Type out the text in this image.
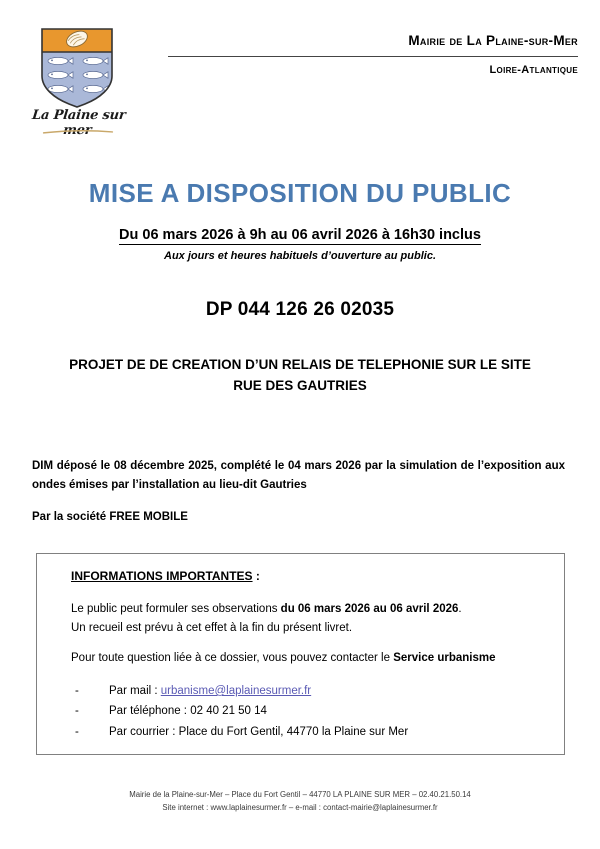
La Plaine sur mer
Mairie de La Plaine-sur-Mer
Loire-Atlantique
MISE A DISPOSITION DU PUBLIC
Du 06 mars 2026 à 9h au 06 avril 2026 à 16h30 inclus
Aux jours et heures habituels d’ouverture au public.
DP 044 126 26 02035
PROJET DE DE CREATION D’UN RELAIS DE TELEPHONIE SUR LE SITE
RUE DES GAUTRIES
DIM déposé le 08 décembre 2025, complété le 04 mars 2026 par la simulation de l’exposition aux ondes émises par l’installation au lieu-dit Gautries
Par la société FREE MOBILE
INFORMATIONS IMPORTANTES :
Le public peut formuler ses observations du 06 mars 2026 au 06 avril 2026.
Un recueil est prévu à cet effet à la fin du présent livret.
Pour toute question liée à ce dossier, vous pouvez contacter le Service urbanisme
- Par mail : urbanisme@laplainesurmer.fr
- Par téléphone : 02 40 21 50 14
- Par courrier : Place du Fort Gentil, 44770 la Plaine sur Mer
Mairie de la Plaine-sur-Mer – Place du Fort Gentil – 44770 LA PLAINE SUR MER – 02.40.21.50.14
Site internet : www.laplainesurmer.fr – e-mail : contact-mairie@laplainesurmer.fr
